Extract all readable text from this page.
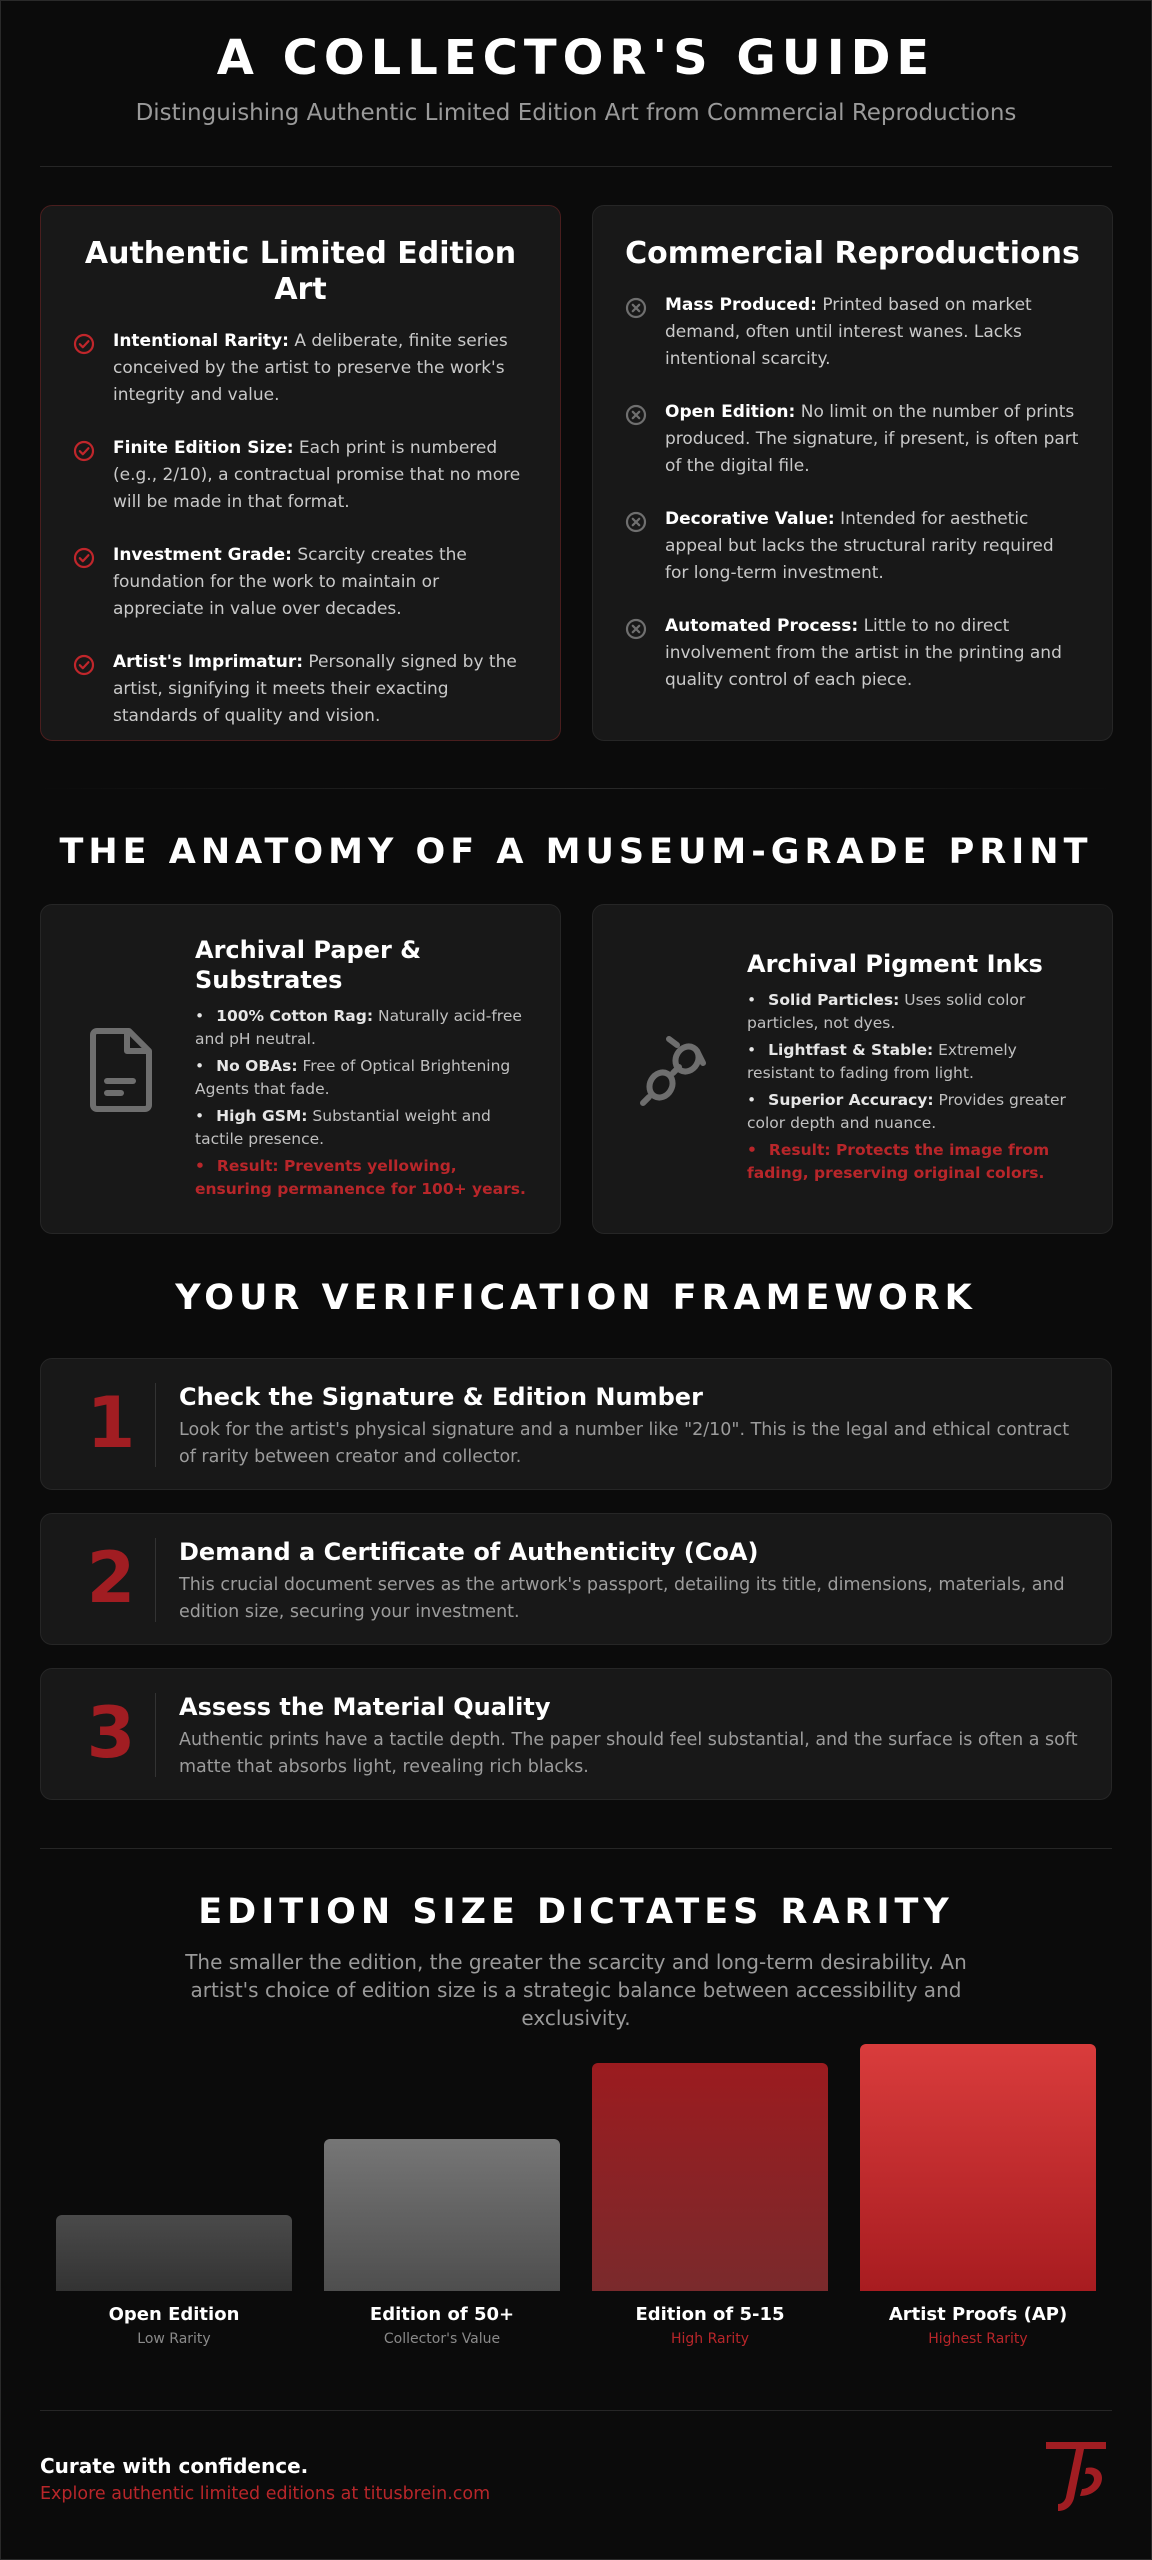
A COLLECTOR'S GUIDE

Distinguishing Authentic Limited Edition Art from Commercial Reproductions

Authentic Limited Edition Art

Intentional Rarity: A deliberate, finite series conceived by the artist to preserve the work's integrity and value.

Finite Edition Size: Each print is numbered (e.g., 2/10), a contractual promise that no more will be made in that format.

Investment Grade: Scarcity creates the foundation for the work to maintain or appreciate in value over decades.

Artist's Imprimatur: Personally signed by the artist, signifying it meets their exacting standards of quality and vision.

Commercial Reproductions

Mass Produced: Printed based on market demand, often until interest wanes. Lacks intentional scarcity.

Open Edition: No limit on the number of prints produced. The signature, if present, is often part of the digital file.

Decorative Value: Intended for aesthetic appeal but lacks the structural rarity required for long-term investment.

Automated Process: Little to no direct involvement from the artist in the printing and quality control of each piece.

THE ANATOMY OF A MUSEUM-GRADE PRINT
Archival Paper & Substrates
• 100% Cotton Rag: Naturally acid-free and pH neutral.
• No OBAs: Free of Optical Brightening Agents that fade.
• High GSM: Substantial weight and tactile presence.
• Result: Prevents yellowing, ensuring permanence for 100+ years.
Archival Pigment Inks
• Solid Particles: Uses solid color particles, not dyes.
• Lightfast & Stable: Extremely resistant to fading from light.
• Superior Accuracy: Provides greater color depth and nuance.
• Result: Protects the image from fading, preserving original colors.
YOUR VERIFICATION FRAMEWORK
1	Check the Signature & Edition Number

Look for the artist's physical signature and a number like "2/10". This is the legal and ethical contract of rarity between creator and collector.

2	Demand a Certificate of Authenticity (CoA)

This crucial document serves as the artwork's passport, detailing its title, dimensions, materials, and edition size, securing your investment.

3	Assess the Material Quality

Authentic prints have a tactile depth. The paper should feel substantial, and the surface is often a soft matte that absorbs light, revealing rich blacks.

EDITION SIZE DICTATES RARITY
The smaller the edition, the greater the scarcity and long-term desirability. An artist's choice of edition size is a strategic balance between accessibility and exclusivity.
Open Edition
Low Rarity
Edition of 50+
Collector's Value
Edition of 5-15
High Rarity
Artist Proofs (AP)
Highest Rarity
Curate with confidence.
Explore authentic limited editions at titusbrein.com
